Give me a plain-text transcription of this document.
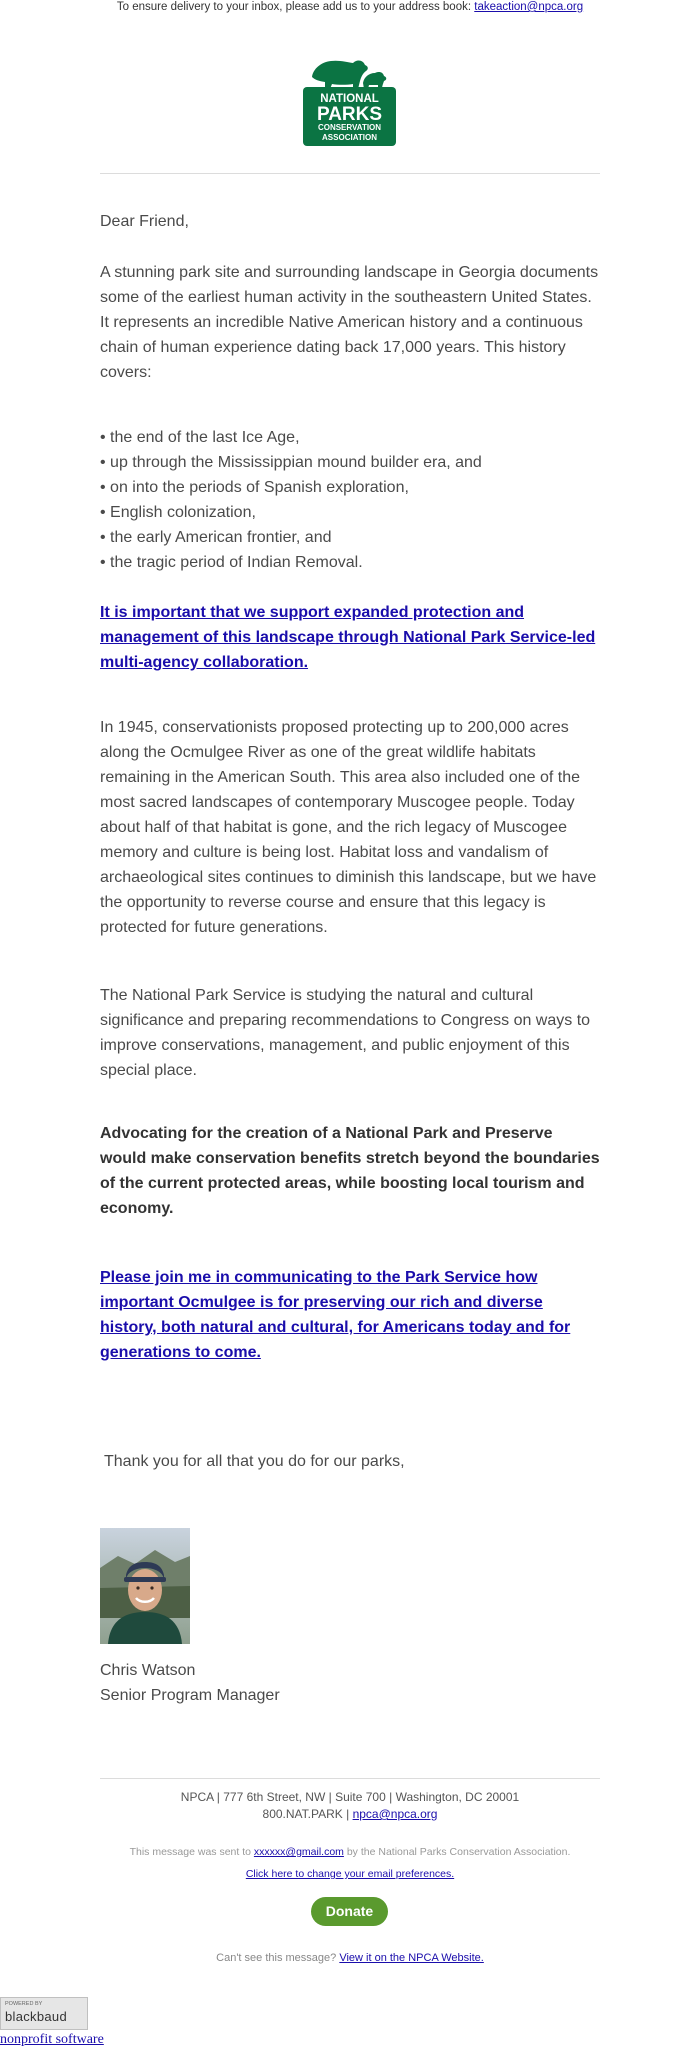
To ensure delivery to your inbox, please add us to your address book: takeaction@npca.org
NATIONAL
PARKS
CONSERVATION
ASSOCIATION

Dear Friend,

A stunning park site and surrounding landscape in Georgia documents some of the earliest human activity in the southeastern United States. It represents an incredible Native American history and a continuous chain of human experience dating back 17,000 years. This history covers:

• the end of the last Ice Age,
• up through the Mississippian mound builder era, and
• on into the periods of Spanish exploration,
• English colonization,
• the early American frontier, and
• the tragic period of Indian Removal.
It is important that we support expanded protection and management of this landscape through National Park Service-led multi-agency collaboration.

In 1945, conservationists proposed protecting up to 200,000 acres along the Ocmulgee River as one of the great wildlife habitats remaining in the American South. This area also included one of the most sacred landscapes of contemporary Muscogee people. Today about half of that habitat is gone, and the rich legacy of Muscogee memory and culture is being lost. Habitat loss and vandalism of archaeological sites continues to diminish this landscape, but we have the opportunity to reverse course and ensure that this legacy is protected for future generations.

The National Park Service is studying the natural and cultural significance and preparing recommendations to Congress on ways to improve conservations, management, and public enjoyment of this special place.

Advocating for the creation of a National Park and Preserve would make conservation benefits stretch beyond the boundaries of the current protected areas, while boosting local tourism and economy.

Please join me in communicating to the Park Service how important Ocmulgee is for preserving our rich and diverse history, both natural and cultural, for Americans today and for generations to come.

Thank you for all that you do for our parks,

Chris Watson

Senior Program Manager

NPCA | 777 6th Street, NW | Suite 700 | Washington, DC 20001
800.NAT.PARK | npca@npca.org
This message was sent to xxxxxx@gmail.com by the National Parks Conservation Association.
Click here to change your email preferences.
Donate
Can't see this message? View it on the NPCA Website.
POWERED BY
blackbaud
nonprofit software
